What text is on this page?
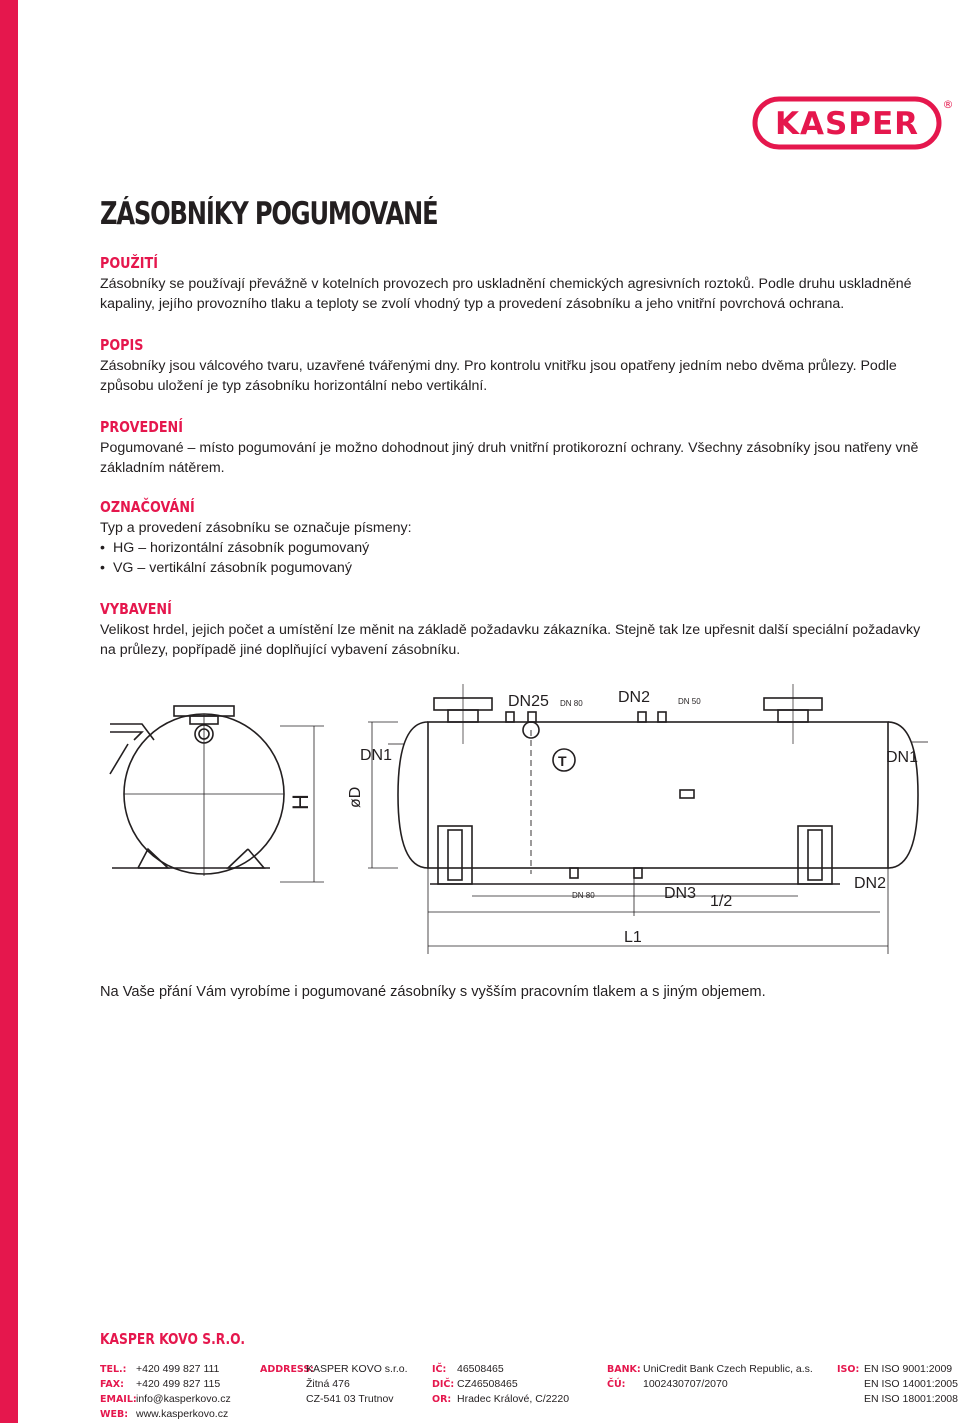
KASPER
®
ZÁSOBNÍKY POGUMOVANÉ
POUŽITÍ

Zásobníky se používají převážně v kotelních provozech pro uskladnění chemických agresivních roztoků. Podle druhu uskladněné kapaliny, jejího provozního tlaku a teploty se zvolí vhodný typ a provedení zásobníku a jeho vnitřní povrchová ochrana.

POPIS

Zásobníky jsou válcového tvaru, uzavřené tvářenými dny. Pro kontrolu vnitřku jsou opatřeny jedním nebo dvěma průlezy. Podle způsobu uložení je typ zásobníku horizontální nebo vertikální.

PROVEDENÍ

Pogumované – místo pogumování je možno dohodnout jiný druh vnitřní protikorozní ochrany. Všechny zásobníky jsou natřeny vně základním nátěrem.

OZNAČOVÁNÍ

Typ a provedení zásobníku se označuje písmeny:

• HG – horizontální zásobník pogumovaný
• VG – vertikální zásobník pogumovaný
VYBAVENÍ

Velikost hrdel, jejich počet a umístění lze měnit na základě požadavku zákazníka. Stejně tak lze upřesnit další speciální požadavky na průlezy, popřípadě jiné doplňující vybavení zásobníku.

H
DN25 DN 80 DN2	DN 50
DN1	DN1
T
øD
DN 80	DN3 1/2
DN2
L1
Na Vaše přání Vám vyrobíme i pogumované zásobníky s vyšším pracovním tlakem a s jiným objemem.
KASPER KOVO S.R.O.
TEL.: +420 499 827 111
FAX:	+420 499 827 115
EMAIL: info@kasperkovo.cz
WEB: www.kasperkovo.cz
ADDRESS:
KASPER KOVO s.r.o.
Žitná 476
CZ-541 03 Trutnov
IČ:	46508465
DIČ: CZ46508465
OR: Hradec Králové, C/2220
BANK: UniCredit Bank Czech Republic, a.s.
ČÚ:	1002430707/2070
ISO: EN ISO 9001:2009
EN ISO 14001:2005
EN ISO 18001:2008
